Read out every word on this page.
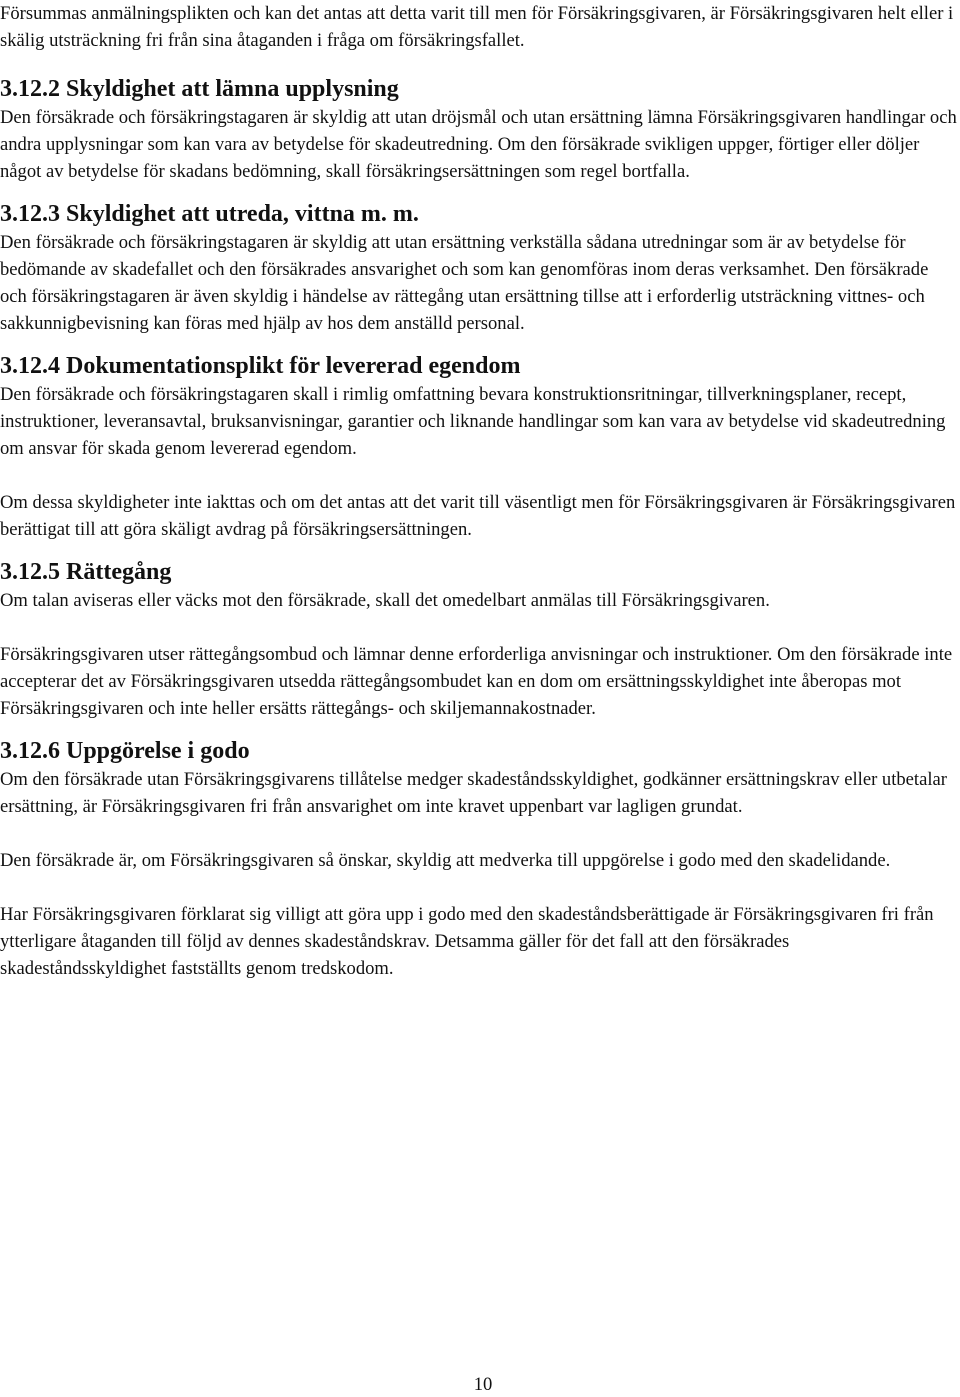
Försummas anmälningsplikten och kan det antas att detta varit till men för Försäkringsgivaren, är Försäkringsgivaren helt eller i skälig utsträckning fri från sina åtaganden i fråga om försäkringsfallet.

3.12.2 Skyldighet att lämna upplysning

Den försäkrade och försäkringstagaren är skyldig att utan dröjsmål och utan ersättning lämna Försäkringsgivaren handlingar och andra upplysningar som kan vara av betydelse för skadeutredning. Om den försäkrade svikligen uppger, förtiger eller döljer något av betydelse för skadans bedömning, skall försäkringsersättningen som regel bortfalla.

3.12.3 Skyldighet att utreda, vittna m. m.

Den försäkrade och försäkringstagaren är skyldig att utan ersättning verkställa sådana utredningar som är av betydelse för bedömande av skadefallet och den försäkrades ansvarighet och som kan genomföras inom deras verksamhet. Den försäkrade och försäkringstagaren är även skyldig i händelse av rättegång utan ersättning tillse att i erforderlig utsträckning vittnes- och sakkunnigbevisning kan föras med hjälp av hos dem anställd personal.

3.12.4 Dokumentationsplikt för levererad egendom

Den försäkrade och försäkringstagaren skall i rimlig omfattning bevara konstruktionsritningar, tillverkningsplaner, recept, instruktioner, leveransavtal, bruksanvisningar, garantier och liknande handlingar som kan vara av betydelse vid skadeutredning om ansvar för skada genom levererad egendom.

Om dessa skyldigheter inte iakttas och om det antas att det varit till väsentligt men för Försäkringsgivaren är Försäkringsgivaren berättigat till att göra skäligt avdrag på försäkringsersättningen.

3.12.5 Rättegång

Om talan aviseras eller väcks mot den försäkrade, skall det omedelbart anmälas till Försäkringsgivaren.

Försäkringsgivaren utser rättegångsombud och lämnar denne erforderliga anvisningar och instruktioner. Om den försäkrade inte accepterar det av Försäkringsgivaren utsedda rättegångsombudet kan en dom om ersättningsskyldighet inte åberopas mot Försäkringsgivaren och inte heller ersätts rättegångs- och skiljemannakostnader.

3.12.6 Uppgörelse i godo

Om den försäkrade utan Försäkringsgivarens tillåtelse medger skadeståndsskyldighet, godkänner ersättningskrav eller utbetalar ersättning, är Försäkringsgivaren fri från ansvarighet om inte kravet uppenbart var lagligen grundat.

Den försäkrade är, om Försäkringsgivaren så önskar, skyldig att medverka till uppgörelse i godo med den skadelidande.

Har Försäkringsgivaren förklarat sig villigt att göra upp i godo med den skadeståndsberättigade är Försäkringsgivaren fri från ytterligare åtaganden till följd av dennes skadeståndskrav. Detsamma gäller för det fall att den försäkrades skadeståndsskyldighet fastställts genom tredskodom.

10
